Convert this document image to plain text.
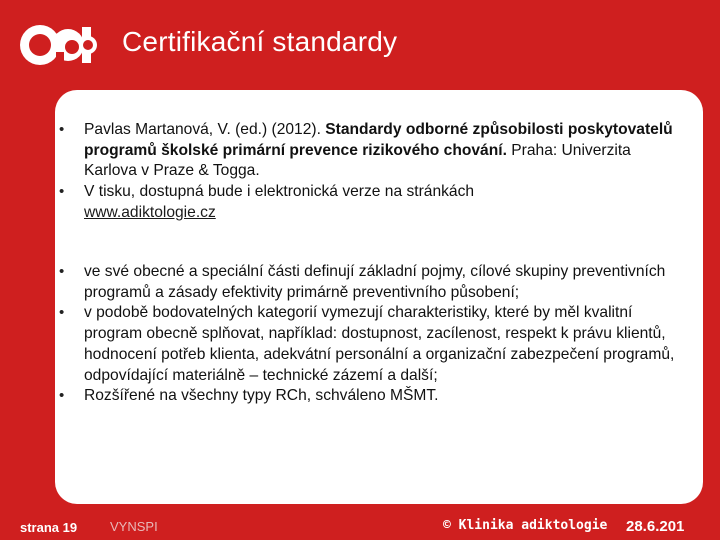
Certifikační standardy
• Pavlas Martanová, V. (ed.) (2012). Standardy odborné způsobilosti poskytovatelů programů školské primární prevence rizikového chování. Praha: Univerzita Karlova v Praze & Togga.
• V tisku, dostupná bude i elektronická verze na stránkách
www.adiktologie.cz
• ve své obecné a speciální části definují základní pojmy, cílové skupiny preventivních programů a zásady efektivity primárně preventivního působení;
• v podobě bodovatelných kategorií vymezují charakteristiky, které by měl kvalitní program obecně splňovat, například: dostupnost, zacílenost, respekt k právu klientů, hodnocení potřeb klienta, adekvátní personální a organizační zabezpečení programů, odpovídající materiálně – technické zázemí a další;
• Rozšířené na všechny typy RCh, schváleno MŠMT.
strana 19	VYNSPI	© Klinika adiktologie 28.6.201
